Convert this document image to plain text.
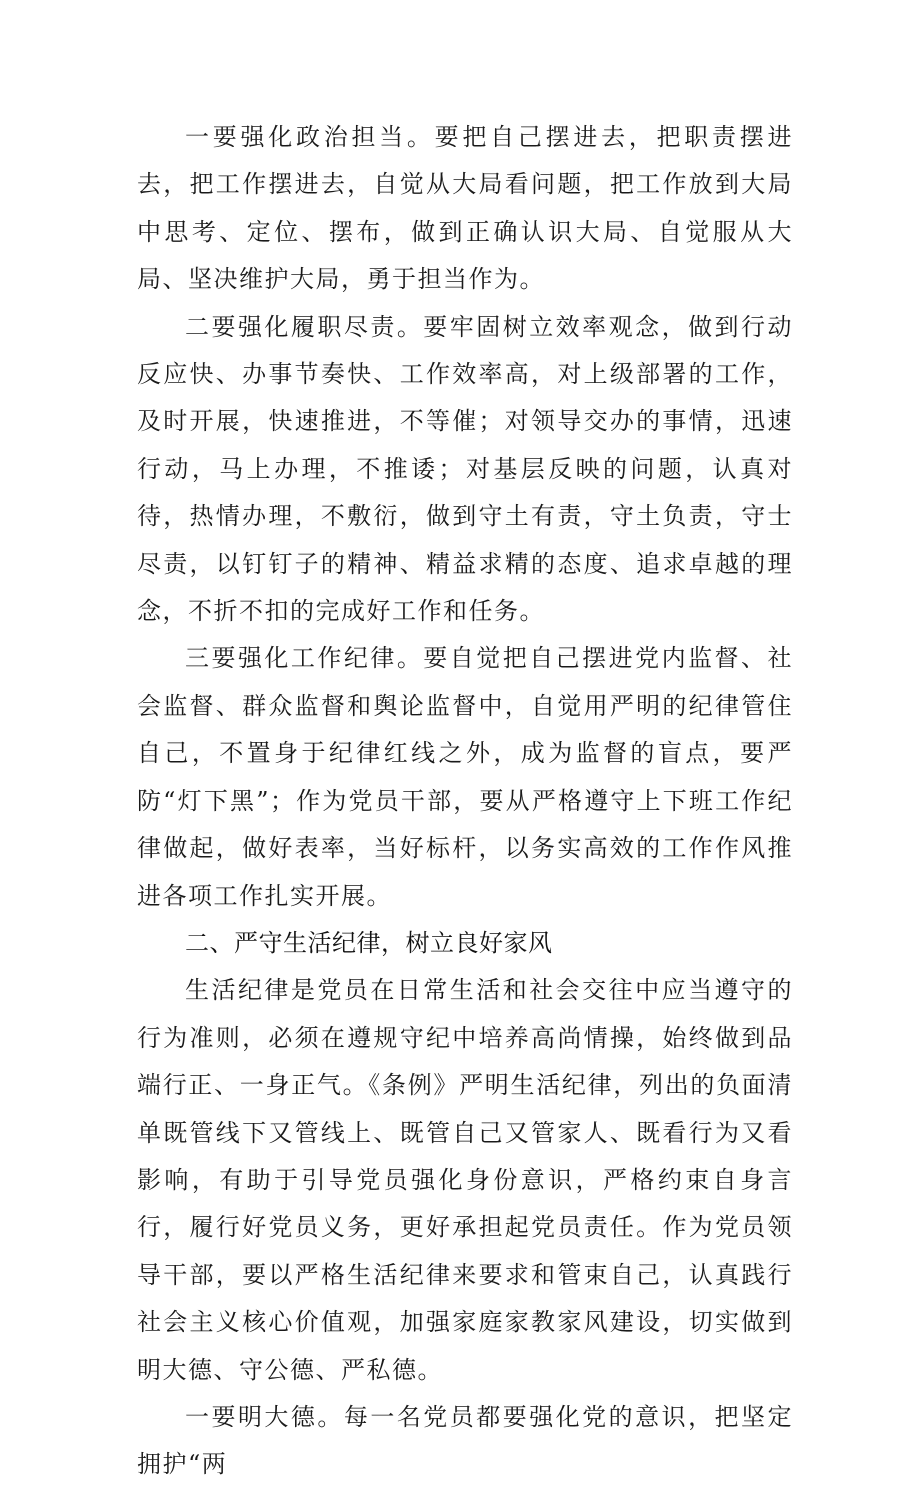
一要强化政治担当。要把自己摆进去，把职责摆进去，把工作摆进去，自觉从大局看问题，把工作放到大局中思考、定位、摆布，做到正确认识大局、自觉服从大局、坚决维护大局，勇于担当作为。

二要强化履职尽责。要牢固树立效率观念，做到行动反应快、办事节奏快、工作效率高，对上级部署的工作，及时开展，快速推进，不等催；对领导交办的事情，迅速行动，马上办理，不推诿；对基层反映的问题，认真对待，热情办理，不敷衍，做到守土有责，守土负责，守士尽责，以钉钉子的精神、精益求精的态度、追求卓越的理念，不折不扣的完成好工作和任务。

三要强化工作纪律。要自觉把自己摆进党内监督、社会监督、群众监督和舆论监督中，自觉用严明的纪律管住自己，不置身于纪律红线之外，成为监督的盲点，要严防“灯下黑”；作为党员干部，要从严格遵守上下班工作纪律做起，做好表率，当好标杆，以务实高效的工作作风推进各项工作扎实开展。

二、严守生活纪律，树立良好家风

生活纪律是党员在日常生活和社会交往中应当遵守的行为准则，必须在遵规守纪中培养高尚情操，始终做到品端行正、一身正气。《条例》严明生活纪律，列出的负面清单既管线下又管线上、既管自己又管家人、既看行为又看影响，有助于引导党员强化身份意识，严格约束自身言行，履行好党员义务，更好承担起党员责任。作为党员领导干部，要以严格生活纪律来要求和管束自己，认真践行社会主义核心价值观，加强家庭家教家风建设，切实做到明大德、守公德、严私德。

一要明大德。每一名党员都要强化党的意识，把坚定拥护“两
